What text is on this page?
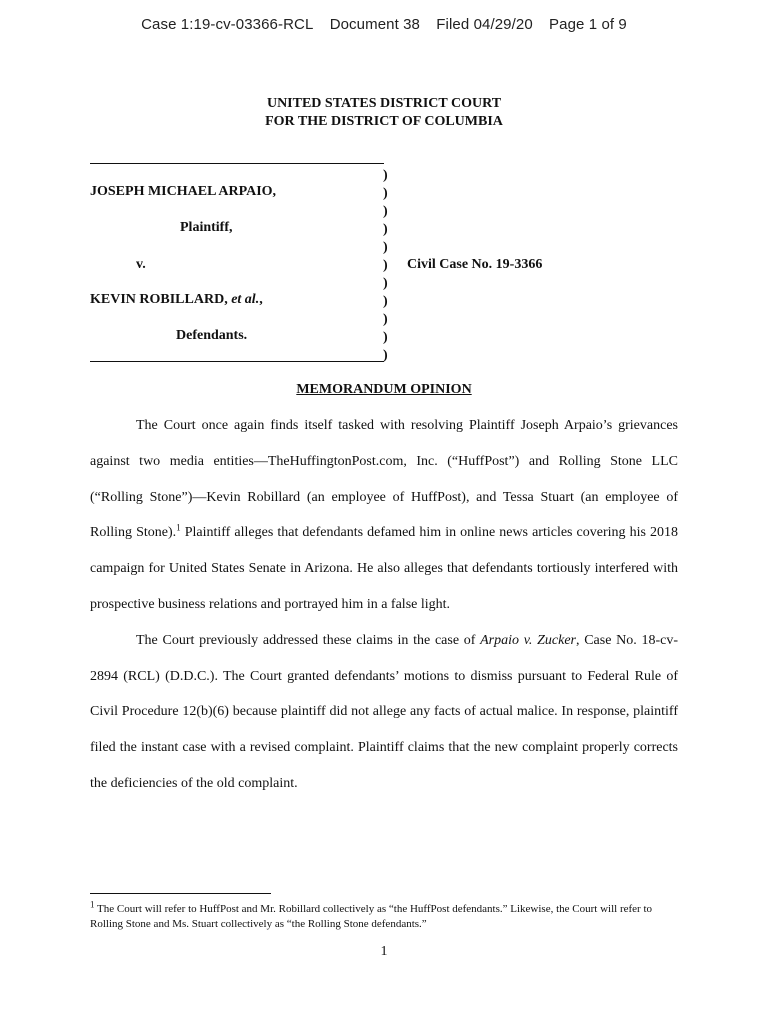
Case 1:19-cv-03366-RCL Document 38 Filed 04/29/20 Page 1 of 9
UNITED STATES DISTRICT COURT
FOR THE DISTRICT OF COLUMBIA
)
)
)
)
)
)
)
)
)
)
)
JOSEPH MICHAEL ARPAIO,
Plaintiff,
v.
KEVIN ROBILLARD, et al.,
Defendants.
Civil Case No. 19-3366
MEMORANDUM OPINION

The Court once again finds itself tasked with resolving Plaintiff Joseph Arpaio’s grievances against two media entities—TheHuffingtonPost.com, Inc. (“HuffPost”) and Rolling Stone LLC (“Rolling Stone”)—Kevin Robillard (an employee of HuffPost), and Tessa Stuart (an employee of Rolling Stone).$^1$ Plaintiff alleges that defendants defamed him in online news articles covering his 2018 campaign for United States Senate in Arizona. He also alleges that defendants tortiously interfered with prospective business relations and portrayed him in a false light.

The Court previously addressed these claims in the case of Arpaio v. Zucker, Case No. 18-cv-2894 (RCL) (D.D.C.). The Court granted defendants’ motions to dismiss pursuant to Federal Rule of Civil Procedure 12(b)(6) because plaintiff did not allege any facts of actual malice. In response, plaintiff filed the instant case with a revised complaint. Plaintiff claims that the new complaint properly corrects the deficiencies of the old complaint.

$^1$ The Court will refer to HuffPost and Mr. Robillard collectively as “the HuffPost defendants.” Likewise, the Court will refer to Rolling Stone and Ms. Stuart collectively as “the Rolling Stone defendants.”
1
